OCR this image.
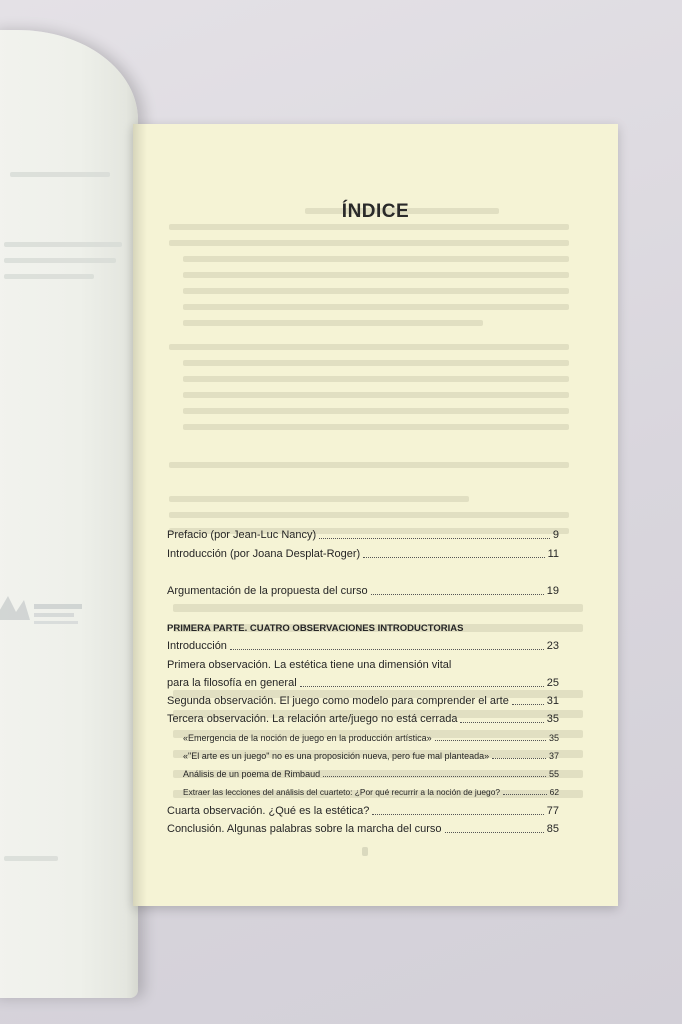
ÍNDICE
Prefacio (por Jean-Luc Nancy)	9
Introducción (por Joana Desplat-Roger)	11
Argumentación de la propuesta del curso	19
PRIMERA PARTE. CUATRO OBSERVACIONES INTRODUCTORIAS
Introducción	23
Primera observación. La estética tiene una dimensión vital
para la filosofía en general	25
Segunda observación. El juego como modelo para comprender el arte	31
Tercera observación. La relación arte/juego no está cerrada	35
«Emergencia de la noción de juego en la producción artística»	35
«"El arte es un juego" no es una proposición nueva, pero fue mal planteada»	37
Análisis de un poema de Rimbaud	55
Extraer las lecciones del análisis del cuarteto: ¿Por qué recurrir a la noción de juego?	62
Cuarta observación. ¿Qué es la estética?	77
Conclusión. Algunas palabras sobre la marcha del curso	85
